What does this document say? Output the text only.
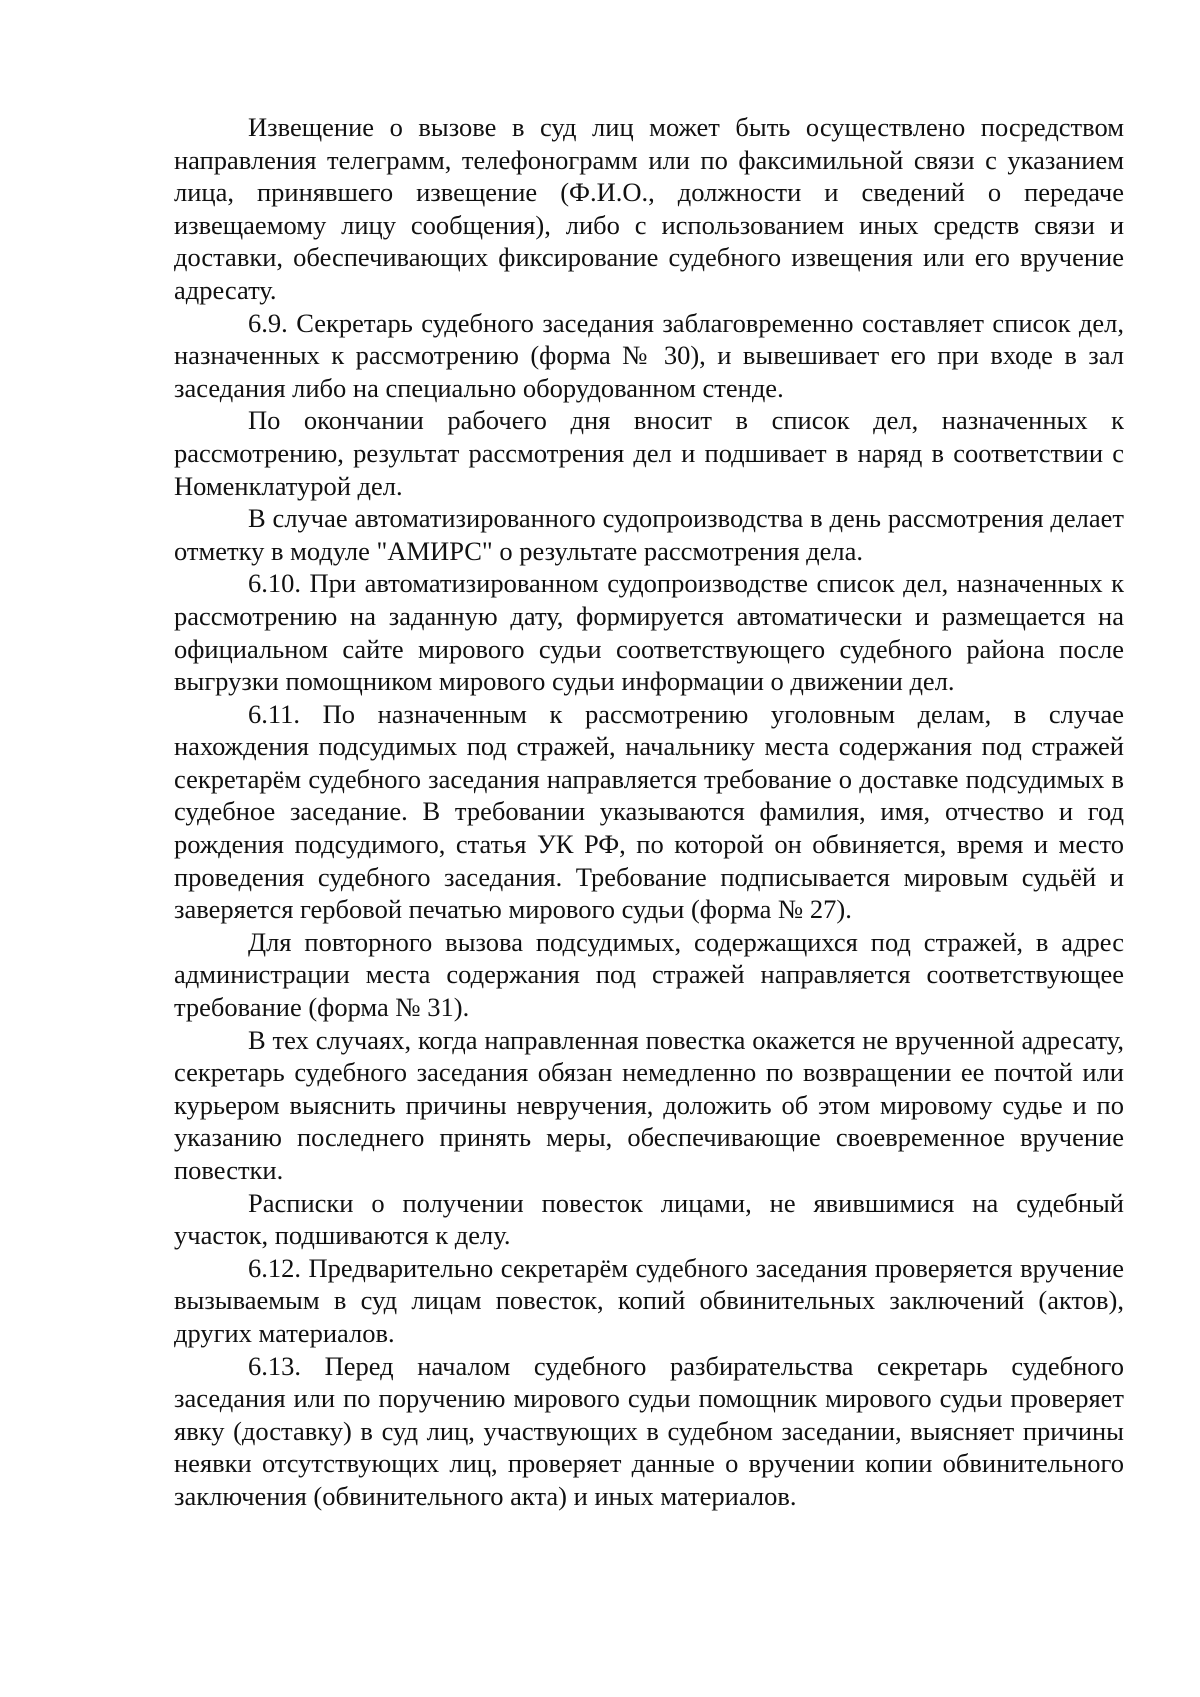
Извещение о вызове в суд лиц может быть осуществлено посредством направления телеграмм, телефонограмм или по факсимильной связи с указанием лица, принявшего извещение (Ф.И.О., должности и сведений о передаче извещаемому лицу сообщения), либо с использованием иных средств связи и доставки, обеспечивающих фиксирование судебного извещения или его вручение адресату.

6.9. Секретарь судебного заседания заблаговременно составляет список дел, назначенных к рассмотрению (форма № 30), и вывешивает его при входе в зал заседания либо на специально оборудованном стенде.

По окончании рабочего дня вносит в список дел, назначенных к рассмотрению, результат рассмотрения дел и подшивает в наряд в соответствии с Номенклатурой дел.

В случае автоматизированного судопроизводства в день рассмотрения делает отметку в модуле "АМИРС" о результате рассмотрения дела.

6.10. При автоматизированном судопроизводстве список дел, назначенных к рассмотрению на заданную дату, формируется автоматически и размещается на официальном сайте мирового судьи соответствующего судебного района после выгрузки помощником мирового судьи информации о движении дел.

6.11. По назначенным к рассмотрению уголовным делам, в случае нахождения подсудимых под стражей, начальнику места содержания под стражей секретарём судебного заседания направляется требование о доставке подсудимых в судебное заседание. В требовании указываются фамилия, имя, отчество и год рождения подсудимого, статья УК РФ, по которой он обвиняется, время и место проведения судебного заседания. Требование подписывается мировым судьёй и заверяется гербовой печатью мирового судьи (форма № 27).

Для повторного вызова подсудимых, содержащихся под стражей, в адрес администрации места содержания под стражей направляется соответствующее требование (форма № 31).

В тех случаях, когда направленная повестка окажется не врученной адресату, секретарь судебного заседания обязан немедленно по возвращении ее почтой или курьером выяснить причины невручения, доложить об этом мировому судье и по указанию последнего принять меры, обеспечивающие своевременное вручение повестки.

Расписки о получении повесток лицами, не явившимися на судебный участок, подшиваются к делу.

6.12. Предварительно секретарём судебного заседания проверяется вручение вызываемым в суд лицам повесток, копий обвинительных заключений (актов), других материалов.

6.13. Перед началом судебного разбирательства секретарь судебного заседания или по поручению мирового судьи помощник мирового судьи проверяет явку (доставку) в суд лиц, участвующих в судебном заседании, выясняет причины неявки отсутствующих лиц, проверяет данные о вручении копии обвинительного заключения (обвинительного акта) и иных материалов.
